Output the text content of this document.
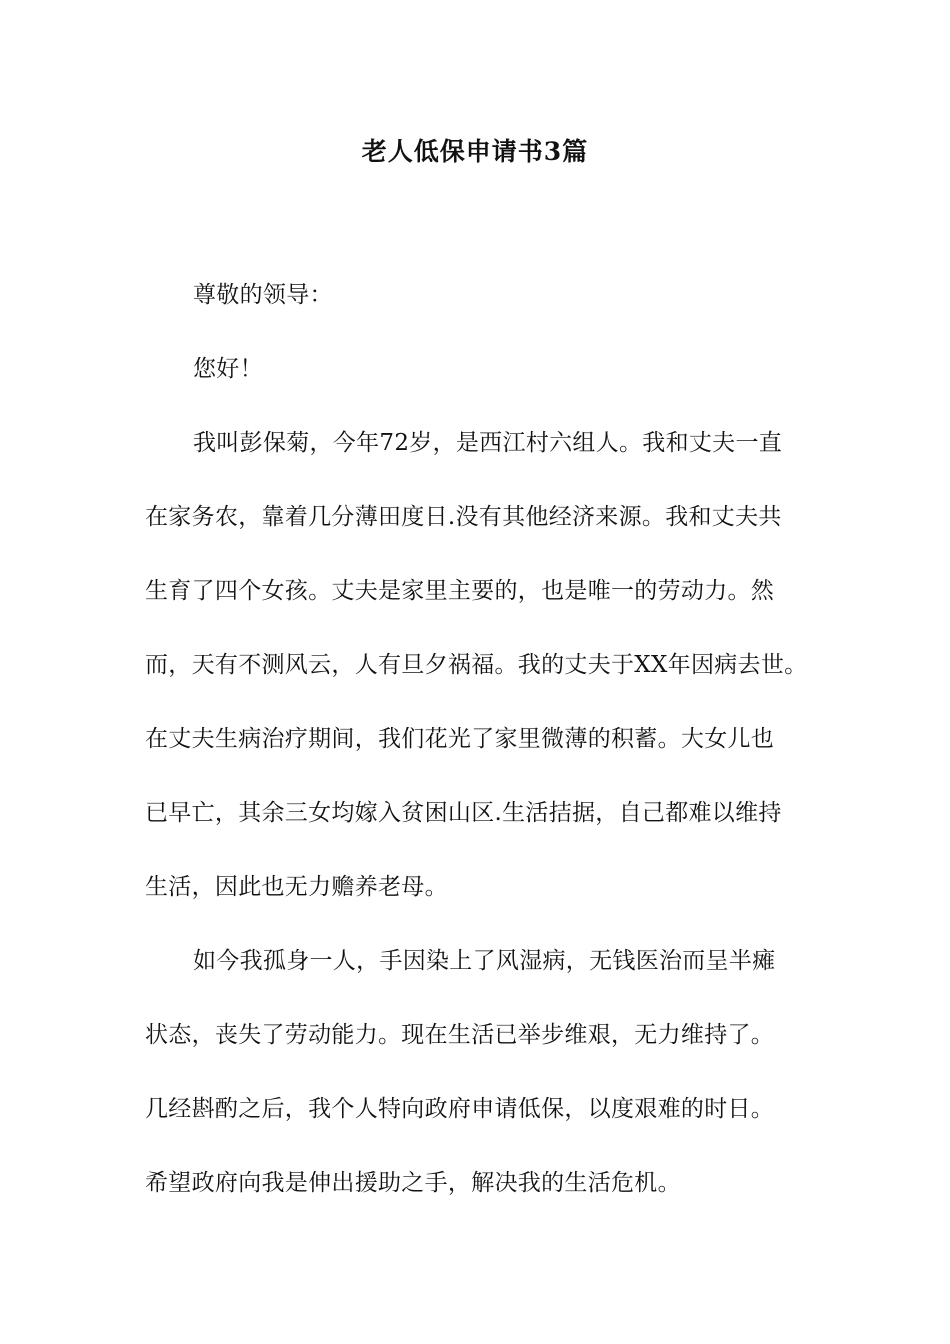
老人低保申请书3篇

尊敬的领导：

您好！

我叫彭保菊，今年72岁，是西江村六组人。我和丈夫一直
在家务农，靠着几分薄田度日.没有其他经济来源。我和丈夫共
生育了四个女孩。丈夫是家里主要的，也是唯一的劳动力。然
而，天有不测风云，人有旦夕祸福。我的丈夫于XX年因病去世。
在丈夫生病治疗期间，我们花光了家里微薄的积蓄。大女儿也
已早亡，其余三女均嫁入贫困山区.生活拮据，自己都难以维持
生活，因此也无力赡养老母。

如今我孤身一人，手因染上了风湿病，无钱医治而呈半瘫
状态，丧失了劳动能力。现在生活已举步维艰，无力维持了。
几经斟酌之后，我个人特向政府申请低保，以度艰难的时日。
希望政府向我是伸出援助之手，解决我的生活危机。
